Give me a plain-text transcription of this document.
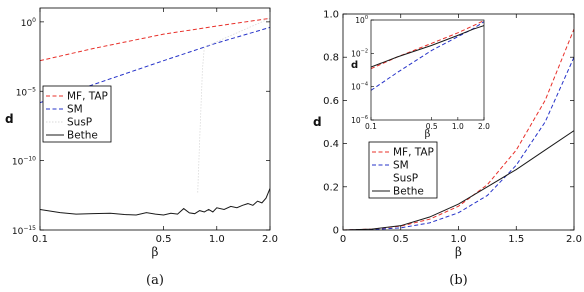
0.1	0.5	1.0	2.0
$10^0$
$10^{-5}$
$10^{-10}$
$10^{-15}$
β
d
MF, TAP
SM
SusP
Bethe
(a)
0	0.5	1.0	1.5	2.0
0
0.2
0.4
0.6
0.8
1.0
β
d
MF, TAP
SM
SusP
Bethe
(b)
0.1	0.5 1.0 2.0
$10^0$
$10^{-2}$
$10^{-4}$
$10^{-6}$
β
d
